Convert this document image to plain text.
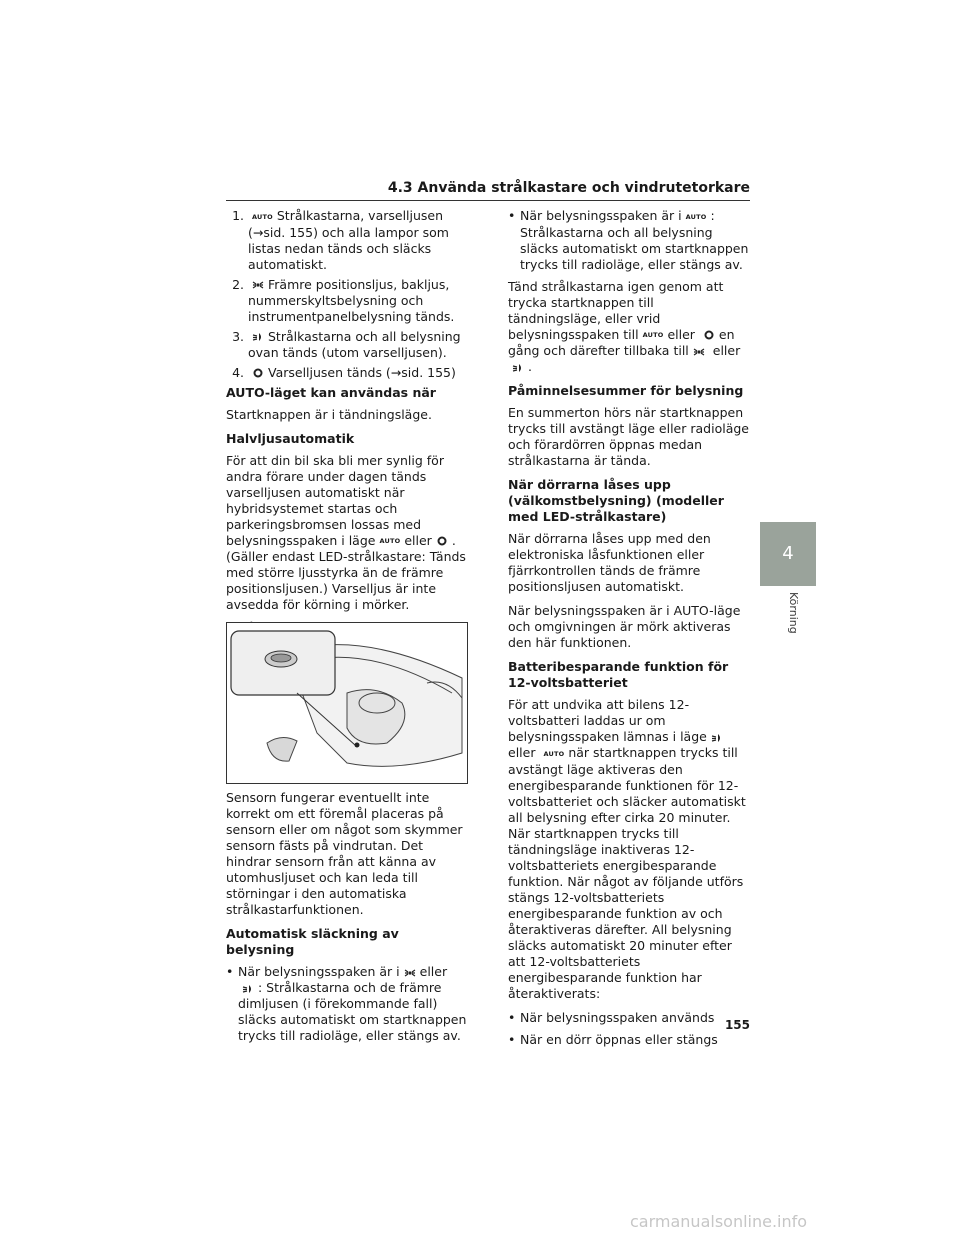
4.3 Använda strålkastare och vindrutetorkare
1.	AUTO Strålkastarna, varselljusen (→sid. 155) och alla lampor som listas nedan tänds och släcks automatiskt.
2.	Främre positionsljus, bakljus, nummerskyltsbelysning och instrumentpanelbelysning tänds.
3.	Strålkastarna och all belysning ovan tänds (utom varselljusen).
4.	Varselljusen tänds (→sid. 155)
AUTO-läget kan användas när

Startknappen är i tändningsläge.

Halvljusautomatik

För att din bil ska bli mer synlig för andra förare under dagen tänds varselljusen automatiskt när hybridsystemet startas och parkeringsbromsen lossas med belysningsspaken i läge AUTO eller . (Gäller endast LED-strålkastare: Tänds med större ljusstyrka än de främre positionsljusen.) Varselljus är inte avsedda för körning i mörker.

Sensorn fungerar eventuellt inte korrekt om ett föremål placeras på sensorn eller om något som skymmer sensorn fästs på vindrutan. Det hindrar sensorn från att känna av utomhusljuset och kan leda till störningar i den automatiska strålkastarfunktionen.

Automatisk släckning av belysning
• När belysningsspaken är i eller
: Strålkastarna och de främre dimljusen (i förekommande fall) släcks automatiskt om startknappen trycks till radioläge, eller stängs av.
• När belysningsspaken är i AUTO : Strålkastarna och all belysning släcks automatiskt om startknappen trycks till radioläge, eller stängs av.

Tänd strålkastarna igen genom att trycka startknappen till tändningsläge, eller vrid belysningsspaken till AUTO eller en gång och därefter tillbaka till eller
.

Påminnelsesummer för belysning

En summerton hörs när startknappen trycks till avstängt läge eller radioläge och förardörren öppnas medan strålkastarna är tända.

När dörrarna låses upp (välkomstbelysning) (modeller med LED-strålkastare)

När dörrarna låses upp med den elektroniska låsfunktionen eller fjärrkontrollen tänds de främre positionsljusen automatiskt.

När belysningsspaken är i AUTO-läge och omgivningen är mörk aktiveras den här funktionen.

Batteribesparande funktion för 12-voltsbatteriet

För att undvika att bilens 12-voltsbatteri laddas ur om belysningsspaken lämnas i läge
eller AUTO när startknappen trycks till avstängt läge aktiveras den energibesparande funktionen för 12-voltsbatteriet och släcker automatiskt all belysning efter cirka 20 minuter. När startknappen trycks till tändningsläge inaktiveras 12-voltsbatteriets energibesparande funktion. När något av följande utförs stängs 12-voltsbatteriets energibesparande funktion av och återaktiveras därefter. All belysning släcks automatiskt 20 minuter efter att 12-voltsbatteriets energibesparande funktion har återaktiverats:

• När belysningsspaken används
• När en dörr öppnas eller stängs
4
Körning
155
carmanualsonline.info
